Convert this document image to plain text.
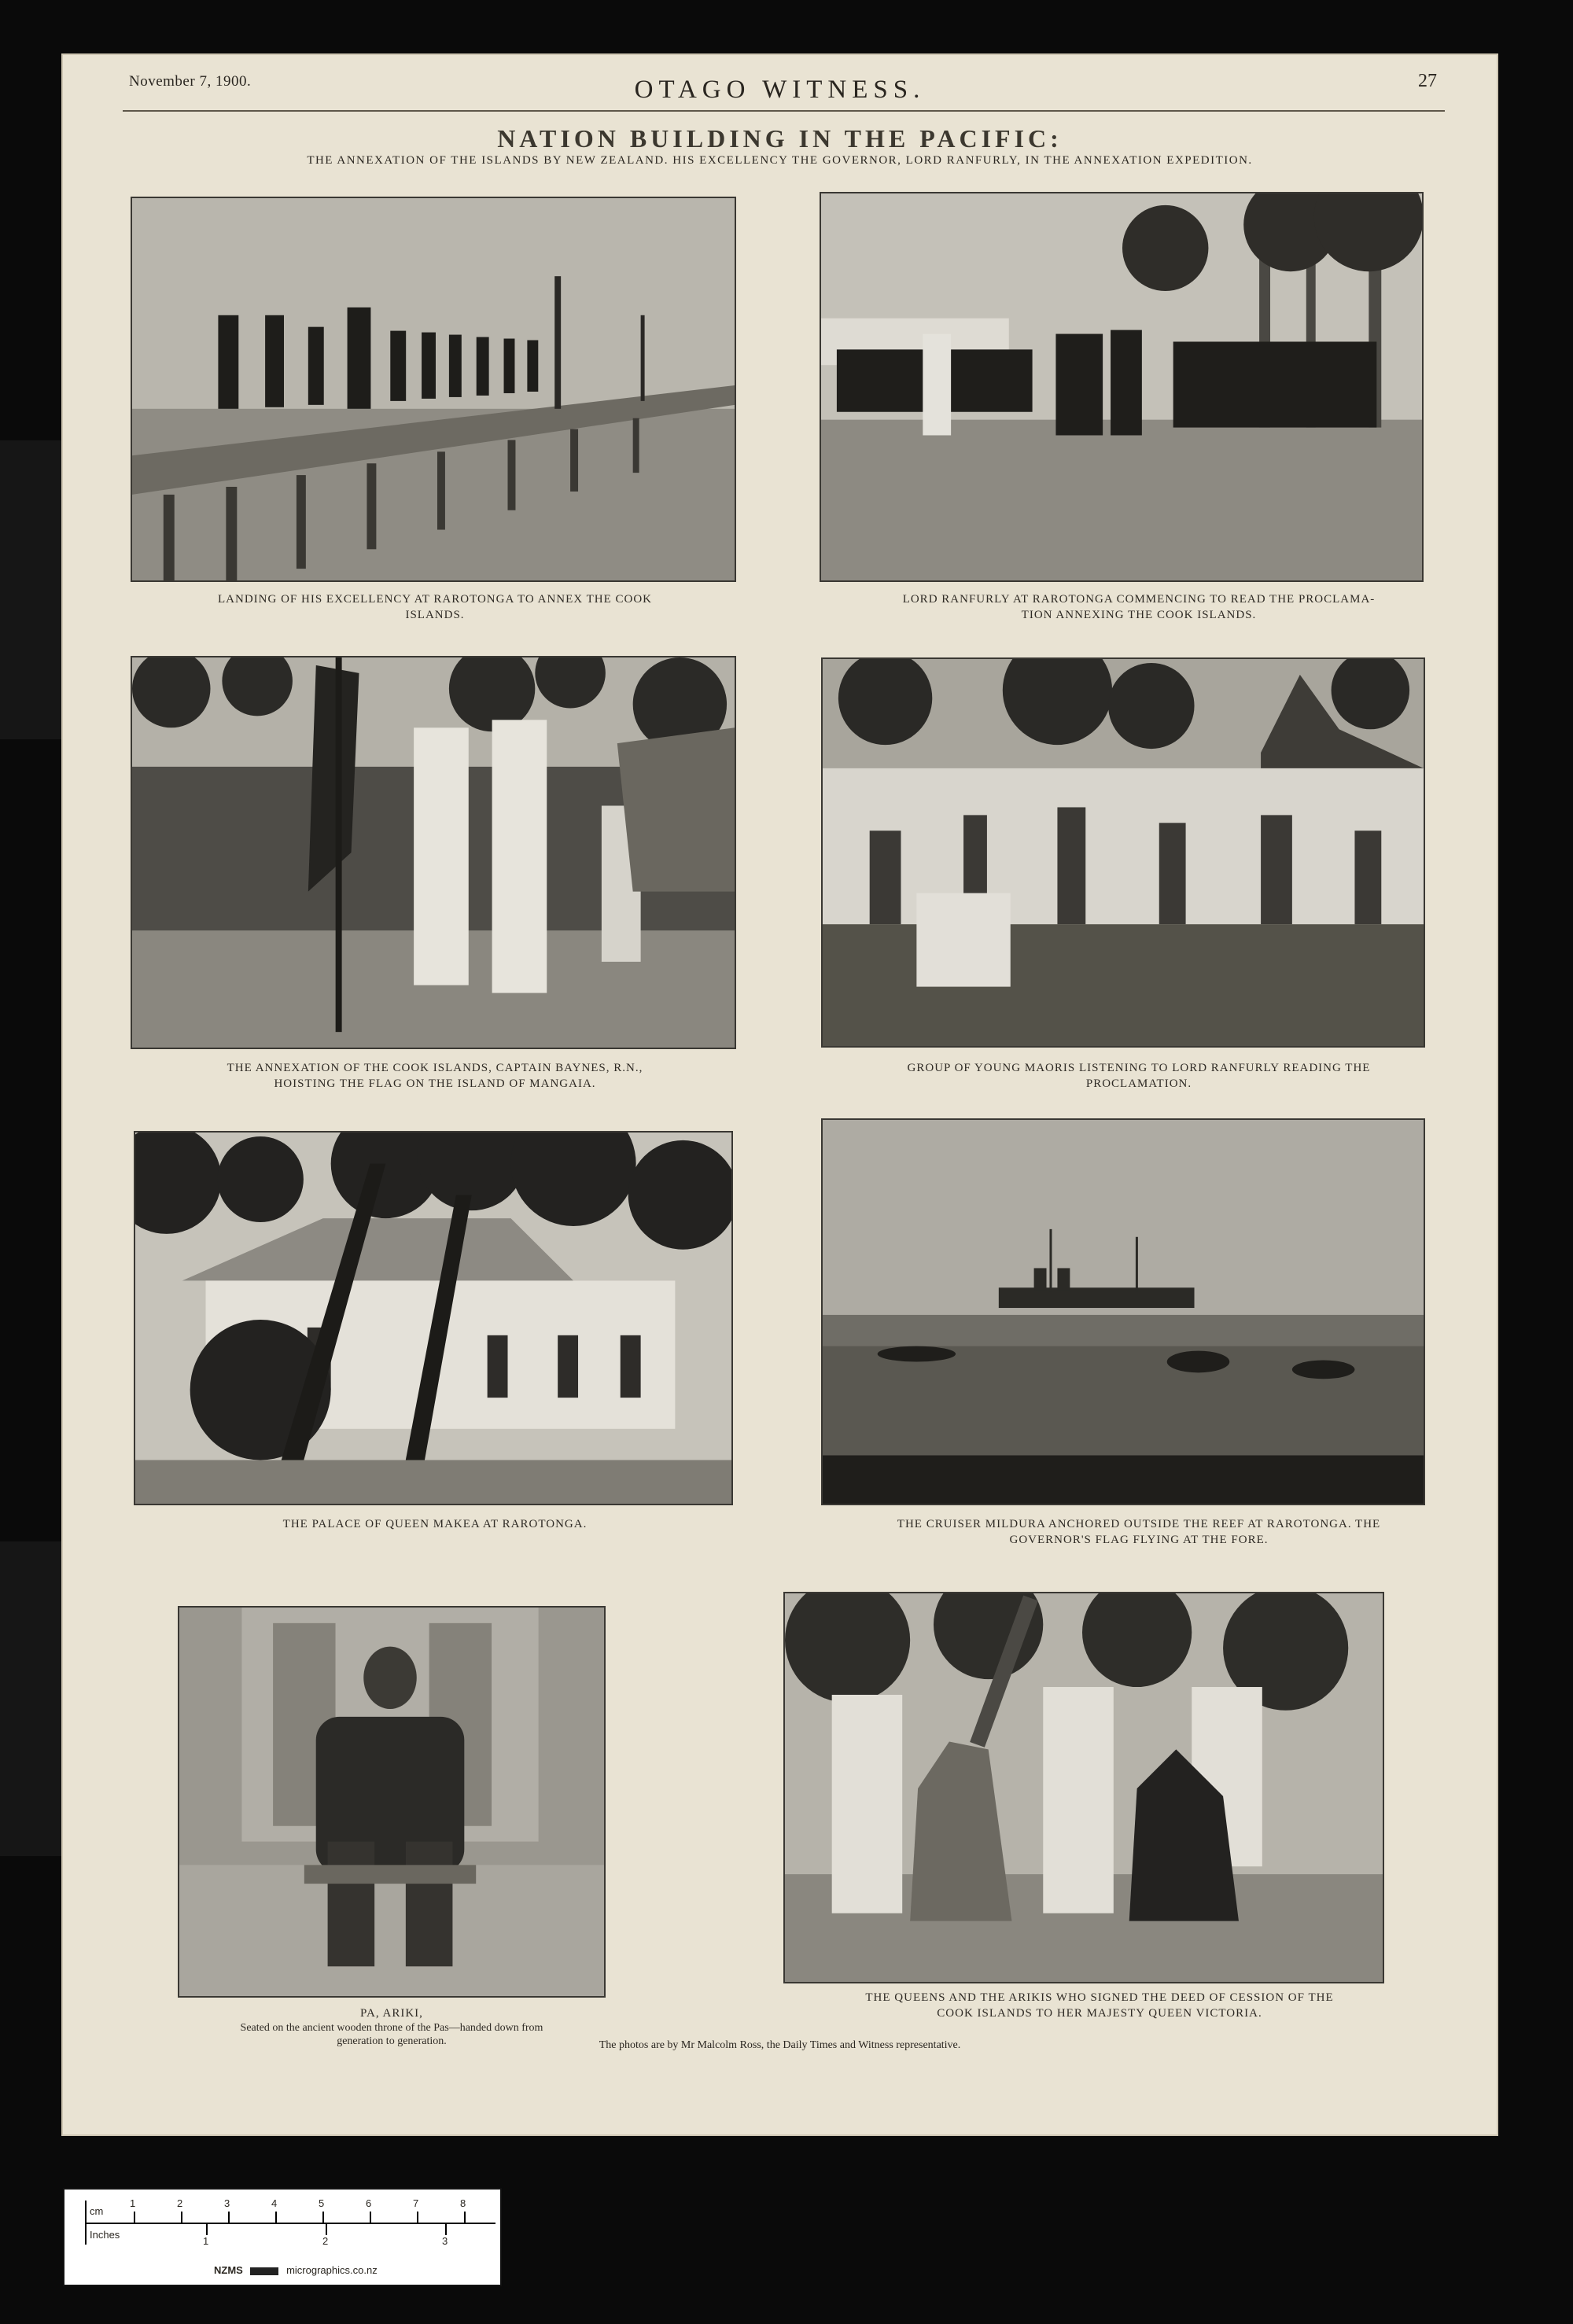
November 7, 1900.	OTAGO WITNESS.	27
NATION BUILDING IN THE PACIFIC:
THE ANNEXATION OF THE ISLANDS BY NEW ZEALAND. HIS EXCELLENCY THE GOVERNOR, LORD RANFURLY, IN THE ANNEXATION EXPEDITION.
LANDING OF HIS EXCELLENCY AT RAROTONGA TO ANNEX THE COOK ISLANDS.
LORD RANFURLY AT RAROTONGA COMMENCING TO READ THE PROCLAMA-TION ANNEXING THE COOK ISLANDS.
THE ANNEXATION OF THE COOK ISLANDS, CAPTAIN BAYNES, R.N., HOISTING THE FLAG ON THE ISLAND OF MANGAIA.
GROUP OF YOUNG MAORIS LISTENING TO LORD RANFURLY READING THE PROCLAMATION.
THE PALACE OF QUEEN MAKEA AT RAROTONGA.	THE CRUISER MILDURA ANCHORED OUTSIDE THE REEF AT RAROTONGA. THE GOVERNOR'S FLAG FLYING AT THE FORE.
PA, ARIKI,
Seated on the ancient wooden throne of the Pas—handed down from generation to generation.
THE QUEENS AND THE ARIKIS WHO SIGNED THE DEED OF CESSION OF THE COOK ISLANDS TO HER MAJESTY QUEEN VICTORIA.
The photos are by Mr Malcolm Ross, the Daily Times and Witness representative.
cm
Inches
1	2	3	4	5	6	7	8
1	2	3
NZMS	micrographics.co.nz
